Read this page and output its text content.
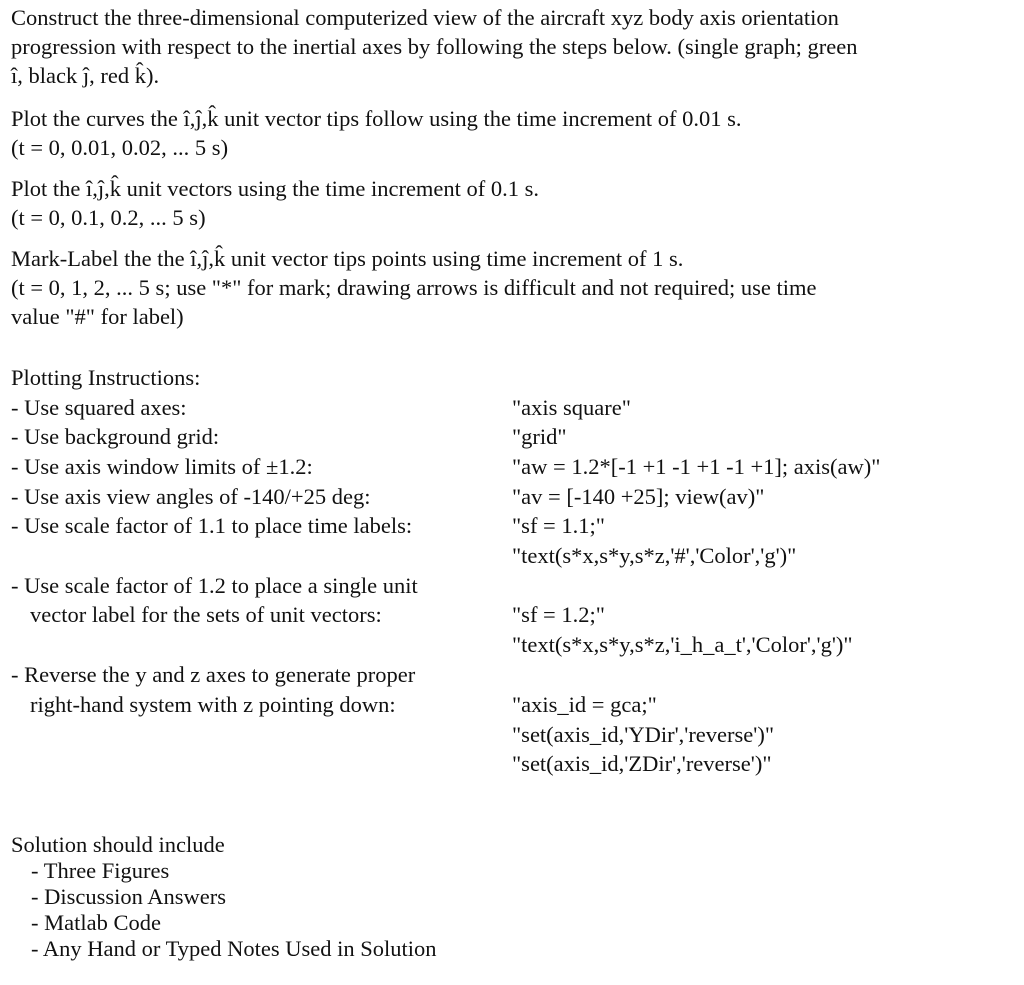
Construct the three-dimensional computerized view of the aircraft xyz body axis orientation
progression with respect to the inertial axes by following the steps below. (single graph; green
î, black ĵ, red k̂).
Plot the curves the î,ĵ,k̂ unit vector tips follow using the time increment of 0.01 s.
(t = 0, 0.01, 0.02, ... 5 s)
Plot the î,ĵ,k̂ unit vectors using the time increment of 0.1 s.
(t = 0, 0.1, 0.2, ... 5 s)
Mark-Label the the î,ĵ,k̂ unit vector tips points using time increment of 1 s.
(t = 0, 1, 2, ... 5 s; use "*" for mark; drawing arrows is difficult and not required; use time
value "#" for label)
Plotting Instructions:
- Use squared axes:	"axis square"
- Use background grid:	"grid"
- Use axis window limits of ±1.2:	"aw = 1.2*[-1 +1 -1 +1 -1 +1]; axis(aw)"
- Use axis view angles of -140/+25 deg:	"av = [-140 +25]; view(av)"
- Use scale factor of 1.1 to place time labels:	"sf = 1.1;"
"text(s*x,s*y,s*z,'#','Color','g')"
- Use scale factor of 1.2 to place a single unit
vector label for the sets of unit vectors:	"sf = 1.2;"
"text(s*x,s*y,s*z,'i_h_a_t','Color','g')"
- Reverse the y and z axes to generate proper
right-hand system with z pointing down:	"axis_id = gca;"
"set(axis_id,'YDir','reverse')"
"set(axis_id,'ZDir','reverse')"
Solution should include
- Three Figures
- Discussion Answers
- Matlab Code
- Any Hand or Typed Notes Used in Solution
